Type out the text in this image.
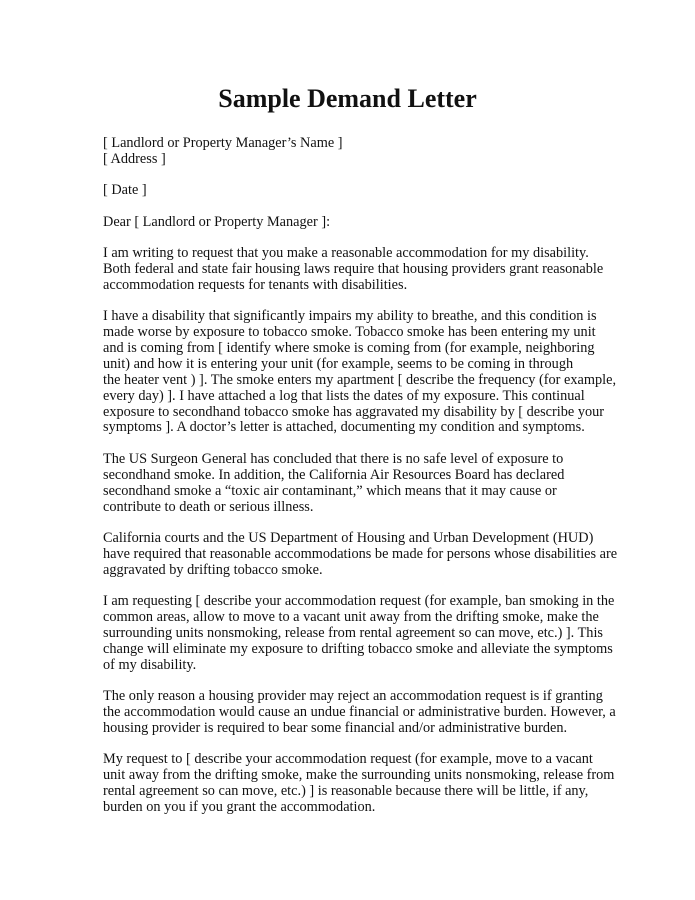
Sample Demand Letter
[ Landlord or Property Manager’s Name ]
[ Address ]
[ Date ]
Dear [ Landlord or Property Manager ]:
I am writing to request that you make a reasonable accommodation for my disability.
Both federal and state fair housing laws require that housing providers grant reasonable
accommodation requests for tenants with disabilities.
I have a disability that significantly impairs my ability to breathe, and this condition is
made worse by exposure to tobacco smoke. Tobacco smoke has been entering my unit
and is coming from [ identify where smoke is coming from (for example, neighboring
unit) and how it is entering your unit (for example, seems to be coming in through
the heater vent ) ]. The smoke enters my apartment [ describe the frequency (for example,
every day) ]. I have attached a log that lists the dates of my exposure. This continual
exposure to secondhand tobacco smoke has aggravated my disability by [ describe your
symptoms ]. A doctor’s letter is attached, documenting my condition and symptoms.
The US Surgeon General has concluded that there is no safe level of exposure to
secondhand smoke. In addition, the California Air Resources Board has declared
secondhand smoke a “toxic air contaminant,” which means that it may cause or
contribute to death or serious illness.
California courts and the US Department of Housing and Urban Development (HUD)
have required that reasonable accommodations be made for persons whose disabilities are
aggravated by drifting tobacco smoke.
I am requesting [ describe your accommodation request (for example, ban smoking in the
common areas, allow to move to a vacant unit away from the drifting smoke, make the
surrounding units nonsmoking, release from rental agreement so can move, etc.) ]. This
change will eliminate my exposure to drifting tobacco smoke and alleviate the symptoms
of my disability.
The only reason a housing provider may reject an accommodation request is if granting
the accommodation would cause an undue financial or administrative burden. However, a
housing provider is required to bear some financial and/or administrative burden.
My request to [ describe your accommodation request (for example, move to a vacant
unit away from the drifting smoke, make the surrounding units nonsmoking, release from
rental agreement so can move, etc.) ] is reasonable because there will be little, if any,
burden on you if you grant the accommodation.
